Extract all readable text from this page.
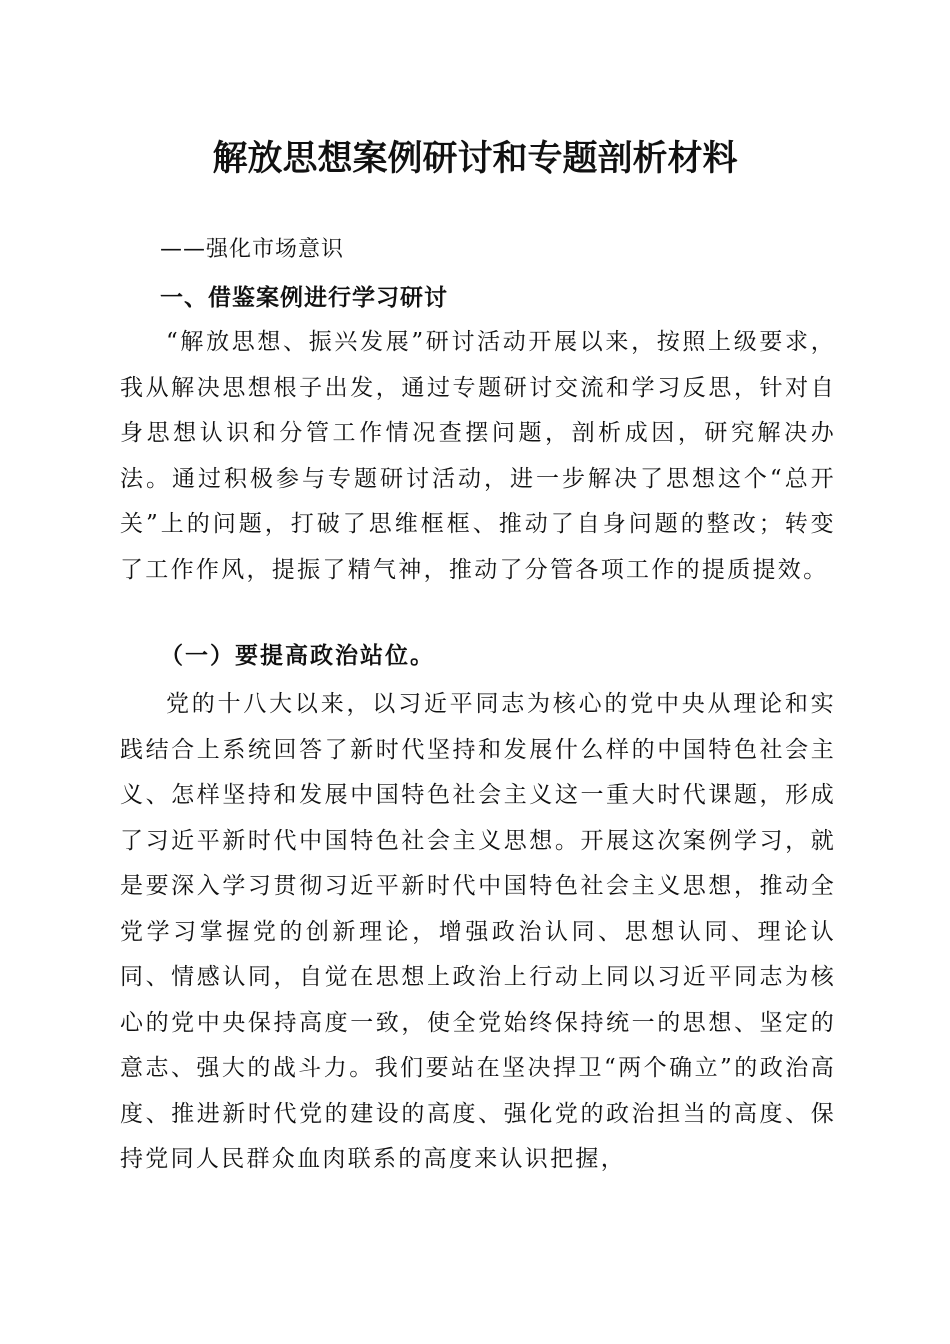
解放思想案例研讨和专题剖析材料

——强化市场意识

一、借鉴案例进行学习研讨

“解放思想、振兴发展”研讨活动开展以来，按照上级要求，我从解决思想根子出发，通过专题研讨交流和学习反思，针对自身思想认识和分管工作情况查摆问题，剖析成因，研究解决办法。通过积极参与专题研讨活动，进一步解决了思想这个“总开关”上的问题，打破了思维框框、推动了自身问题的整改；转变了工作作风，提振了精气神，推动了分管各项工作的提质提效。

（一）要提高政治站位。

党的十八大以来，以习近平同志为核心的党中央从理论和实践结合上系统回答了新时代坚持和发展什么样的中国特色社会主义、怎样坚持和发展中国特色社会主义这一重大时代课题，形成了习近平新时代中国特色社会主义思想。开展这次案例学习，就是要深入学习贯彻习近平新时代中国特色社会主义思想，推动全党学习掌握党的创新理论，增强政治认同、思想认同、理论认同、情感认同，自觉在思想上政治上行动上同以习近平同志为核心的党中央保持高度一致，使全党始终保持统一的思想、坚定的意志、强大的战斗力。我们要站在坚决捍卫“两个确立”的政治高度、推进新时代党的建设的高度、强化党的政治担当的高度、保持党同人民群众血肉联系的高度来认识把握，
